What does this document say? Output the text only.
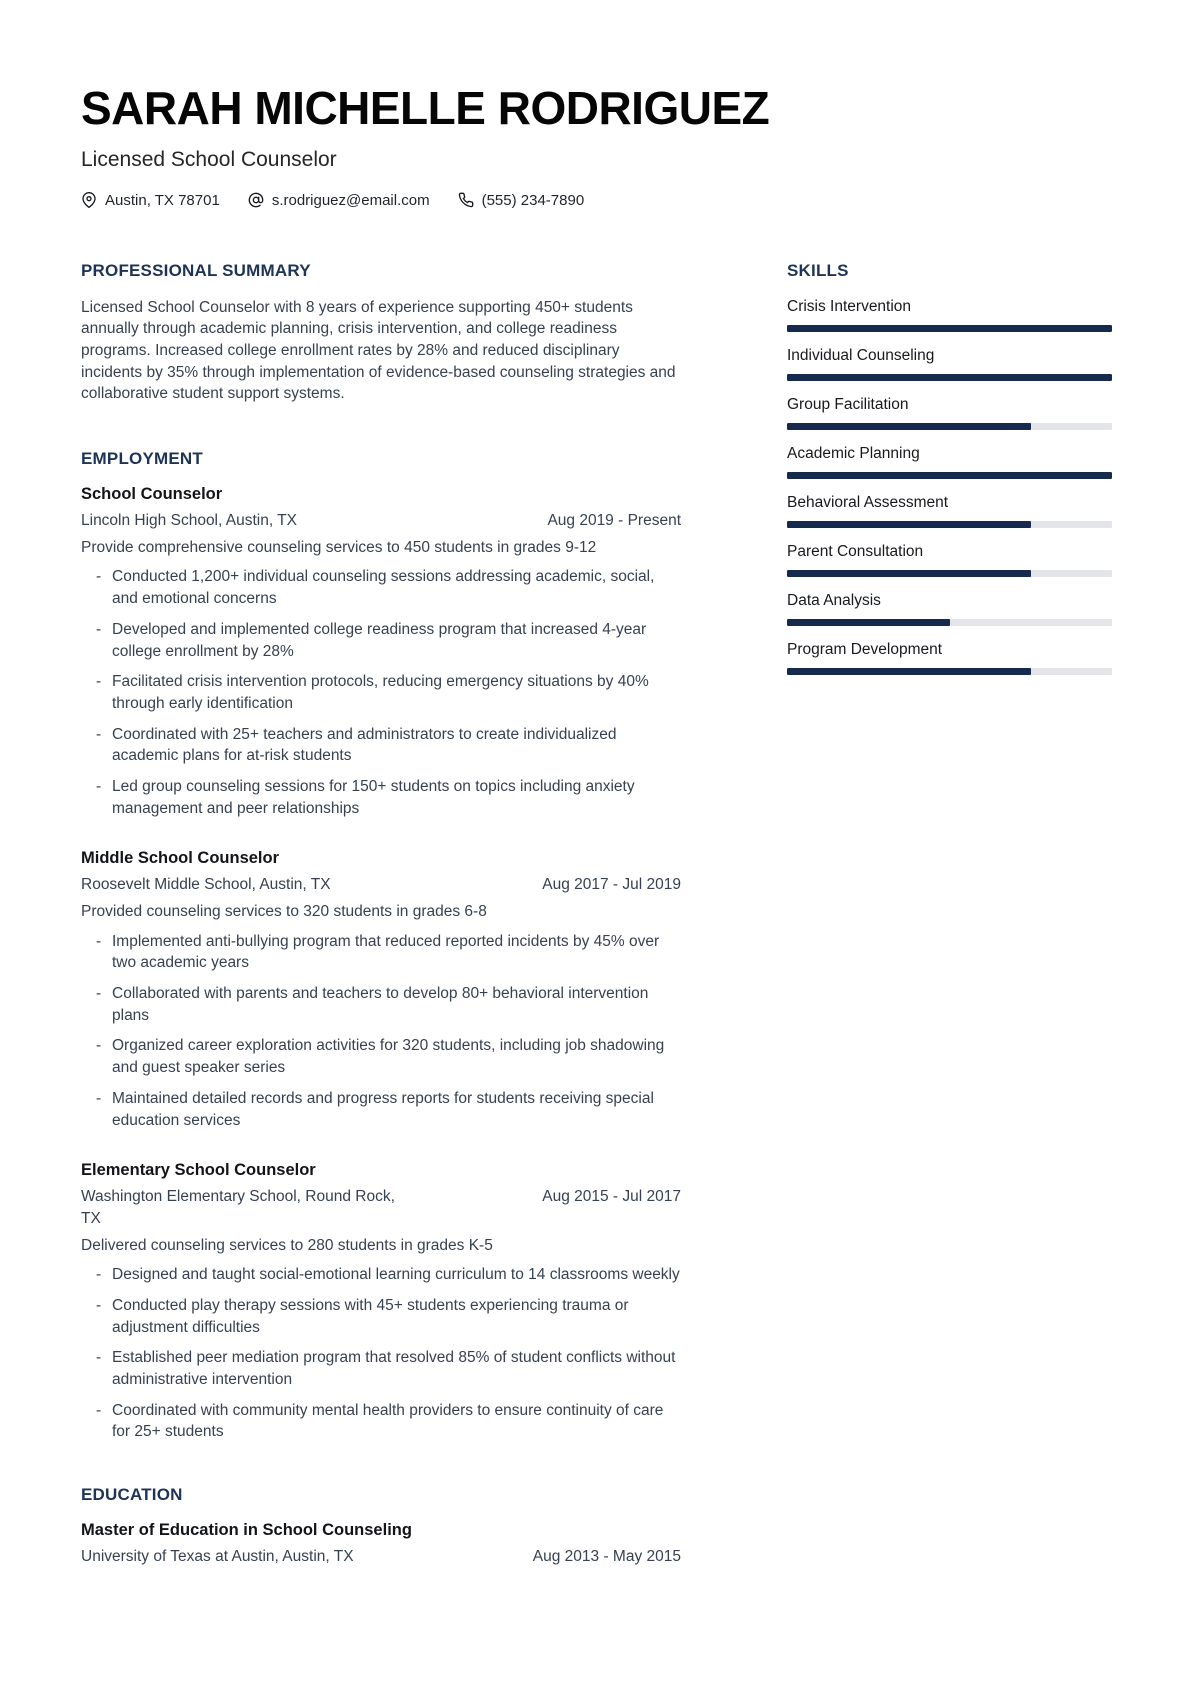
SARAH MICHELLE RODRIGUEZ
Licensed School Counselor
Austin, TX 78701	s.rodriguez@email.com	(555) 234-7890
PROFESSIONAL SUMMARY

Licensed School Counselor with 8 years of experience supporting 450+ students annually through academic planning, crisis intervention, and college readiness programs. Increased college enrollment rates by 28% and reduced disciplinary incidents by 35% through implementation of evidence-based counseling strategies and collaborative student support systems.

EMPLOYMENT
School Counselor
Lincoln High School, Austin, TX	Aug 2019 - Present

Provide comprehensive counseling services to 450 students in grades 9-12

- Conducted 1,200+ individual counseling sessions addressing academic, social, and emotional concerns
- Developed and implemented college readiness program that increased 4-year college enrollment by 28%
- Facilitated crisis intervention protocols, reducing emergency situations by 40% through early identification
- Coordinated with 25+ teachers and administrators to create individualized academic plans for at-risk students
- Led group counseling sessions for 150+ students on topics including anxiety management and peer relationships
Middle School Counselor
Roosevelt Middle School, Austin, TX	Aug 2017 - Jul 2019

Provided counseling services to 320 students in grades 6-8

- Implemented anti-bullying program that reduced reported incidents by 45% over two academic years
- Collaborated with parents and teachers to develop 80+ behavioral intervention plans
- Organized career exploration activities for 320 students, including job shadowing and guest speaker series
- Maintained detailed records and progress reports for students receiving special education services
Elementary School Counselor
Washington Elementary School, Round Rock, TX
Aug 2015 - Jul 2017

Delivered counseling services to 280 students in grades K-5

- Designed and taught social-emotional learning curriculum to 14 classrooms weekly
- Conducted play therapy sessions with 45+ students experiencing trauma or adjustment difficulties
- Established peer mediation program that resolved 85% of student conflicts without administrative intervention
- Coordinated with community mental health providers to ensure continuity of care for 25+ students
EDUCATION
Master of Education in School Counseling
University of Texas at Austin, Austin, TX	Aug 2013 - May 2015
SKILLS
Crisis Intervention
Individual Counseling
Group Facilitation
Academic Planning
Behavioral Assessment
Parent Consultation
Data Analysis
Program Development
